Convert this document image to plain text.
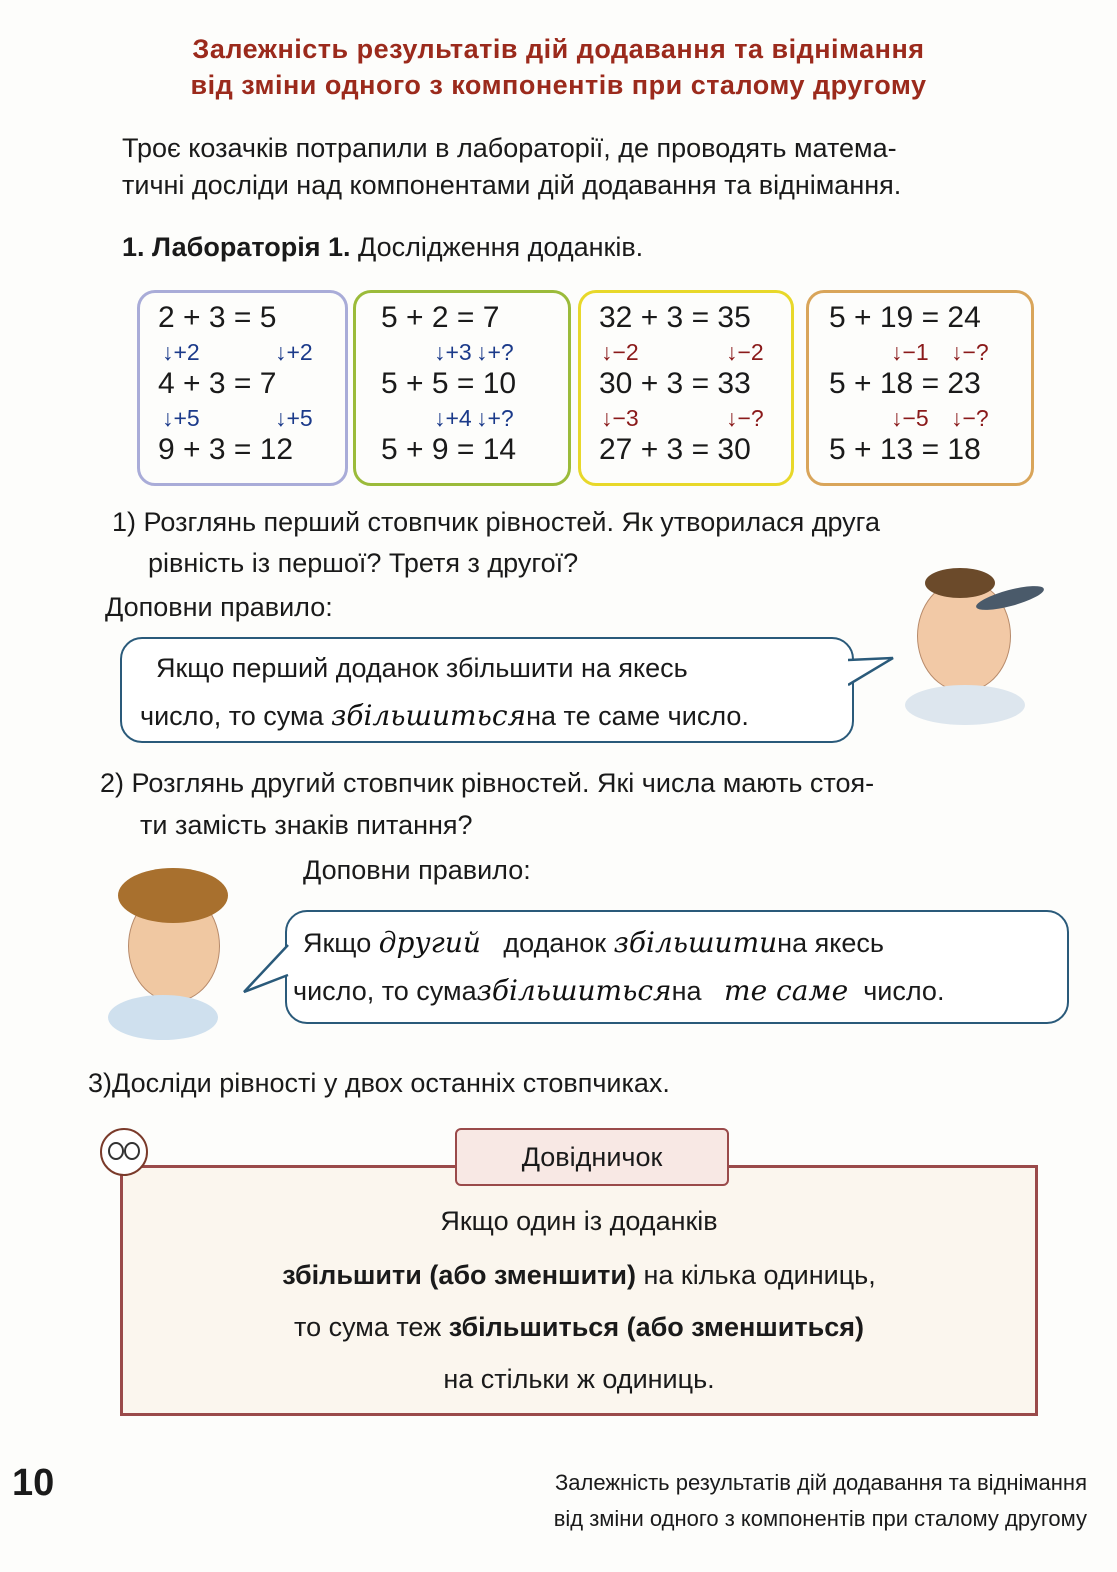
Залежність результатів дій додавання та віднімання
від зміни одного з компонентів при сталому другому
Троє козачків потрапили в лабораторії, де проводять матема-
тичні досліди над компонентами дій додавання та віднімання.
1. Лабораторія 1. Дослідження доданків.
2 + 3 = 5
4 + 3 = 7
9 + 3 = 12
↓+2	↓+2
↓+5	↓+5
5 + 2 = 7
5 + 5 = 10
5 + 9 = 14
↓+3 ↓+?
↓+4 ↓+?
32 + 3 = 35
30 + 3 = 33
27 + 3 = 30
↓−2	↓−2
↓−3	↓−?
5 + 19 = 24
5 + 18 = 23
5 + 13 = 18
↓−1 ↓−?
↓−5 ↓−?
1) Розглянь перший стовпчик рівностей. Як утворилася друга
рівність із першої? Третя з другої?
Доповни правило:
Якщо перший доданок збільшити на якесь
число, то сума збільшитьсяна те саме число.
2) Розглянь другий стовпчик рівностей. Які числа мають стоя-
ти замість знаків питання?
Доповни правило:
Якщо другий доданок збільшитина якесь
число, то сумазбільшитьсяна те саме число.
3)Досліди рівності у двох останніх стовпчиках.
Якщо один із доданків
збільшити (або зменшити) на кілька одиниць,
то сума теж збільшиться (або зменшиться)
на стільки ж одиниць.
Довідничок
10	Залежність результатів дій додавання та віднімання
від зміни одного з компонентів при сталому другому
